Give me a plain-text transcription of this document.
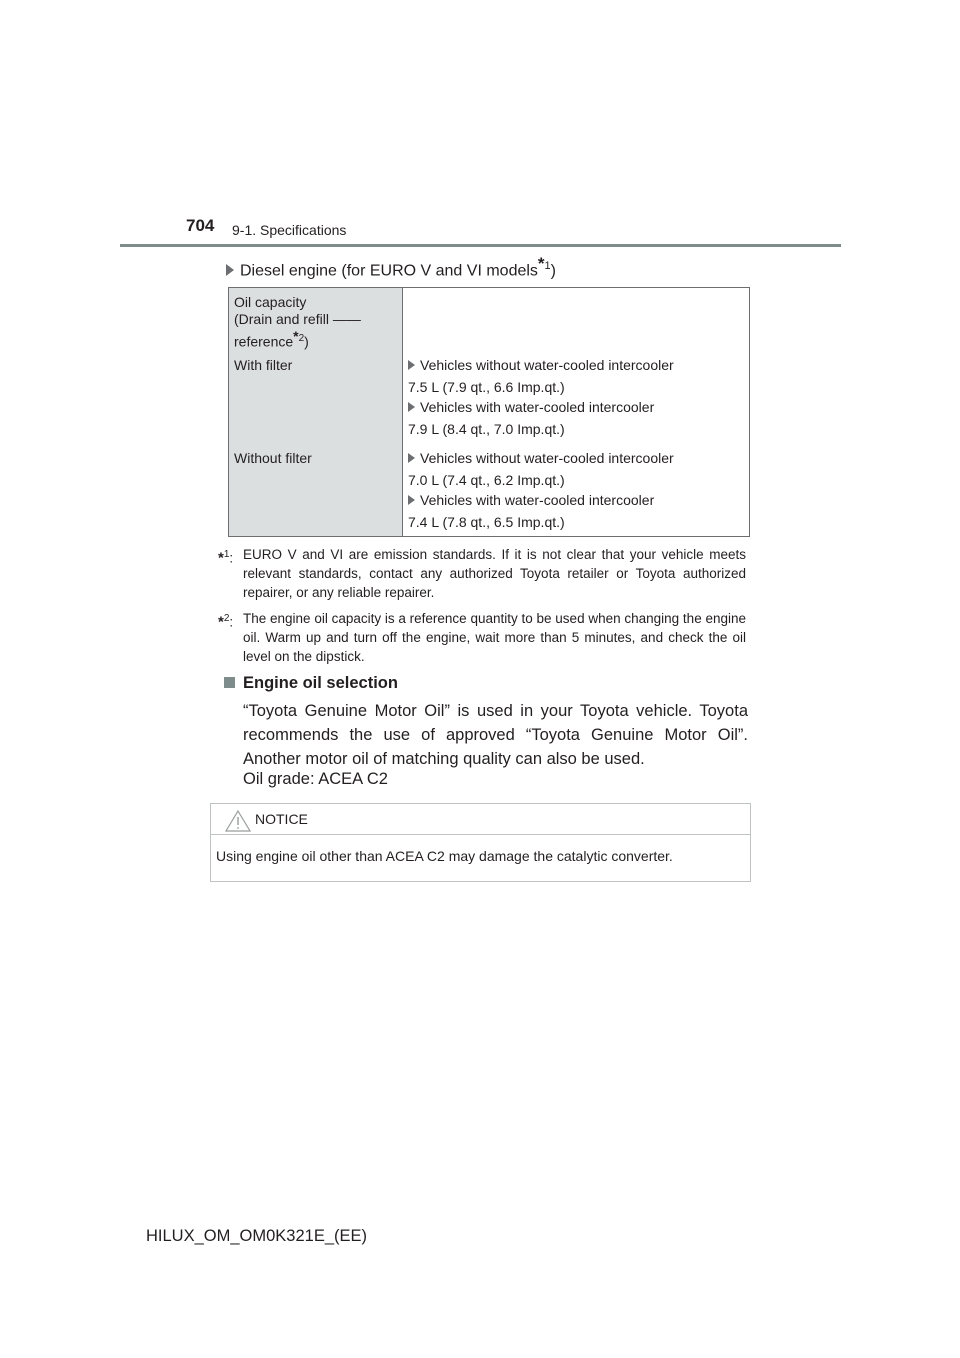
704 9-1. Specifications
Diesel engine (for EURO V and VI models$^{*1}$)
Oil capacity
(Drain and refill ——
reference$^{*2}$)
With filter	Vehicles without water-cooled intercooler
7.5 L (7.9 qt., 6.6 Imp.qt.)
Vehicles with water-cooled intercooler
7.9 L (8.4 qt., 7.0 Imp.qt.)
Without filter	Vehicles without water-cooled intercooler
7.0 L (7.4 qt., 6.2 Imp.qt.)
Vehicles with water-cooled intercooler
7.4 L (7.8 qt., 6.5 Imp.qt.)
*$^1$: EURO V and VI are emission standards. If it is not clear that your vehicle meets relevant standards, contact any authorized Toyota retailer or Toyota authorized repairer, or any reliable repairer.
*$^2$: The engine oil capacity is a reference quantity to be used when changing the engine oil. Warm up and turn off the engine, wait more than 5 minutes, and check the oil level on the dipstick.
Engine oil selection
“Toyota Genuine Motor Oil” is used in your Toyota vehicle. Toyota recommends the use of approved “Toyota Genuine Motor Oil”. Another motor oil of matching quality can also be used.
Oil grade: ACEA C2
NOTICE
Using engine oil other than ACEA C2 may damage the catalytic converter.
HILUX_OM_OM0K321E_(EE)
